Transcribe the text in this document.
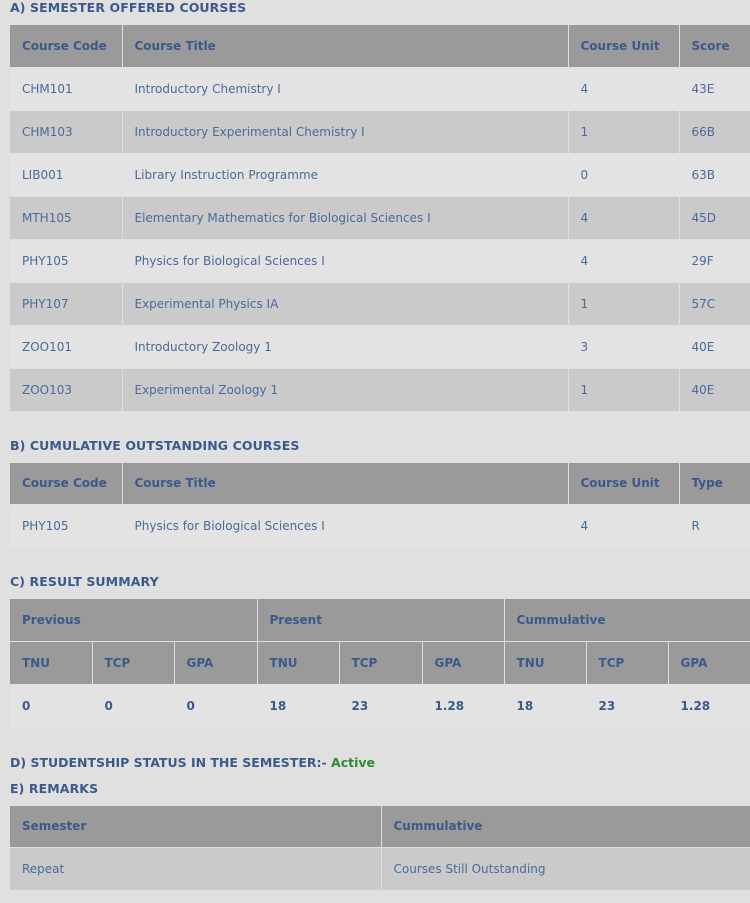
A) SEMESTER OFFERED COURSES
Course Code	Course Title	Course Unit	Score
CHM101	Introductory Chemistry I	4	43E
CHM103	Introductory Experimental Chemistry I	1	66B
LIB001	Library Instruction Programme	0	63B
MTH105	Elementary Mathematics for Biological Sciences I	4	45D
PHY105	Physics for Biological Sciences I	4	29F
PHY107	Experimental Physics IA	1	57C
ZOO101	Introductory Zoology 1	3	40E
ZOO103	Experimental Zoology 1	1	40E
B) CUMULATIVE OUTSTANDING COURSES
Course Code	Course Title	Course Unit	Type
PHY105	Physics for Biological Sciences I	4	R
C) RESULT SUMMARY
Previous			Present			Cummulative		
TNU	TCP	GPA	TNU	TCP	GPA	TNU	TCP	GPA
0	0	0	18	23	1.28	18	23	1.28
D) STUDENTSHIP STATUS IN THE SEMESTER:- Active
E) REMARKS
Semester	Cummulative
Repeat	Courses Still Outstanding
